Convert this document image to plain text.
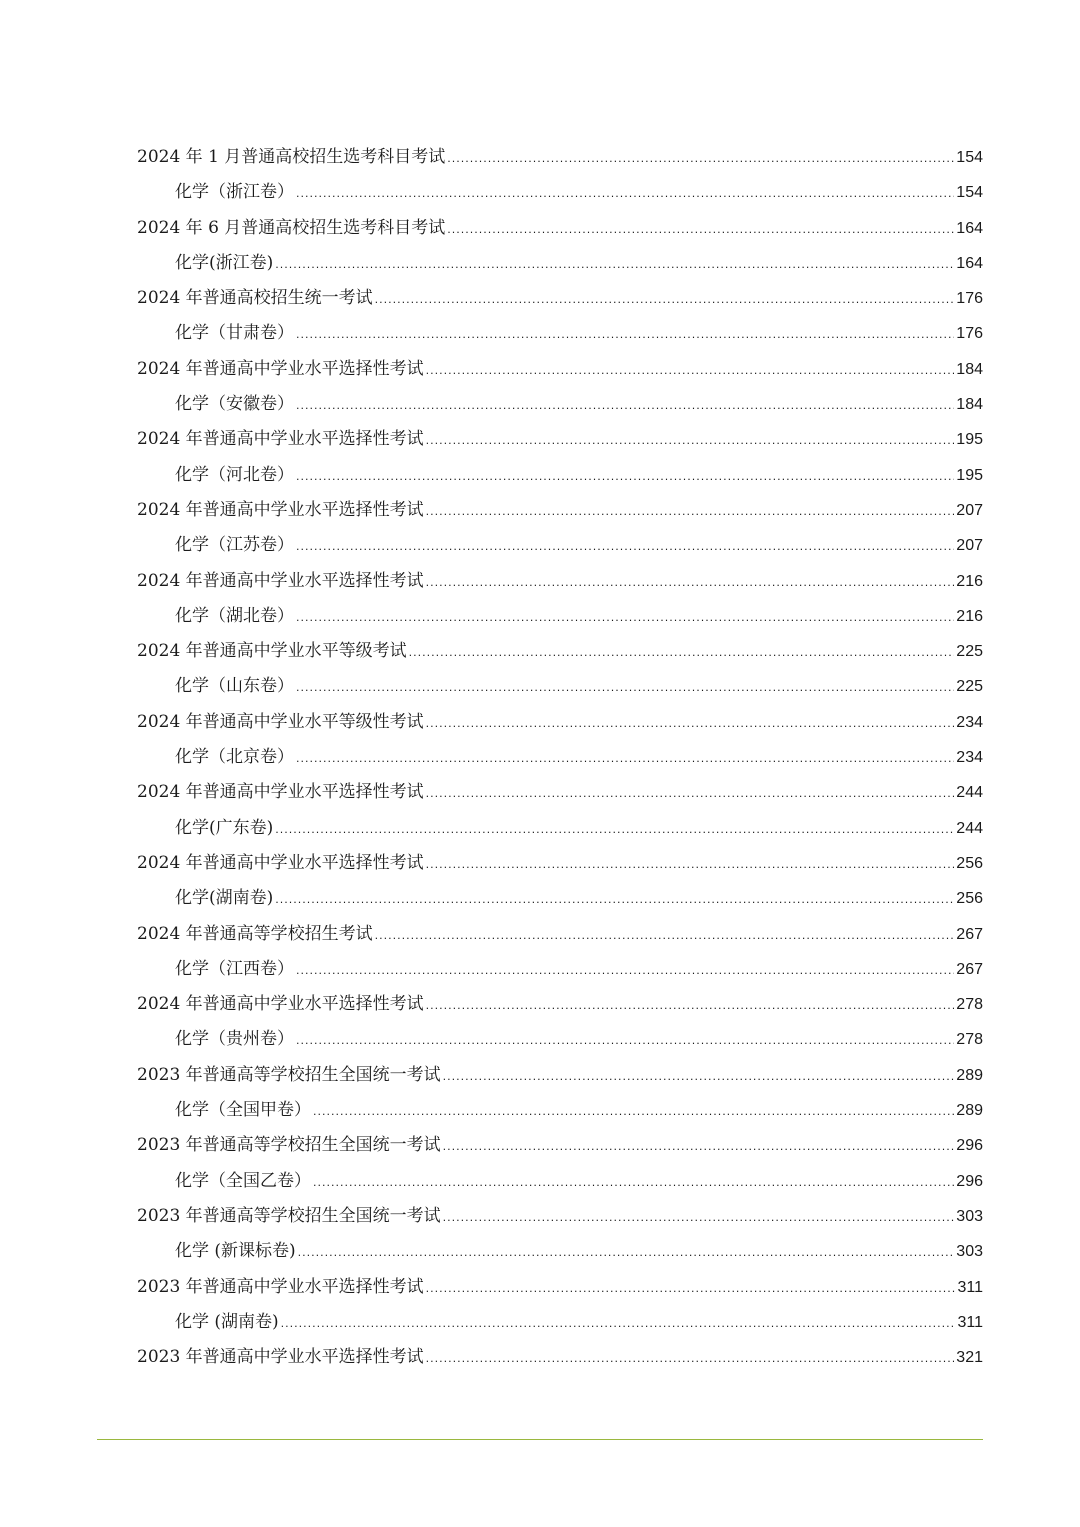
2024 年 1 月普通高校招生选考科目考试 .....	154
化学（浙江卷） .....	154
2024 年 6 月普通高校招生选考科目考试 .....	164
化学(浙江卷) .....	164
2024 年普通高校招生统一考试 .....	176
化学（甘肃卷） .....	176
2024 年普通高中学业水平选择性考试 .....	184
化学（安徽卷） .....	184
2024 年普通高中学业水平选择性考试 .....	195
化学（河北卷） .....	195
2024 年普通高中学业水平选择性考试 .....	207
化学（江苏卷） .....	207
2024 年普通高中学业水平选择性考试 .....	216
化学（湖北卷） .....	216
2024 年普通高中学业水平等级考试 .....	225
化学（山东卷） .....	225
2024 年普通高中学业水平等级性考试 .....	234
化学（北京卷） .....	234
2024 年普通高中学业水平选择性考试 .....	244
化学(广东卷) .....	244
2024 年普通高中学业水平选择性考试 .....	256
化学(湖南卷) .....	256
2024 年普通高等学校招生考试 .....	267
化学（江西卷） .....	267
2024 年普通高中学业水平选择性考试 .....	278
化学（贵州卷） .....	278
2023 年普通高等学校招生全国统一考试 .....	289
化学（全国甲卷） .....	289
2023 年普通高等学校招生全国统一考试 .....	296
化学（全国乙卷） .....	296
2023 年普通高等学校招生全国统一考试 .....	303
化学 (新课标卷) .....	303
2023 年普通高中学业水平选择性考试 .....	311
化学 (湖南卷) .....	311
2023 年普通高中学业水平选择性考试 .....	321
